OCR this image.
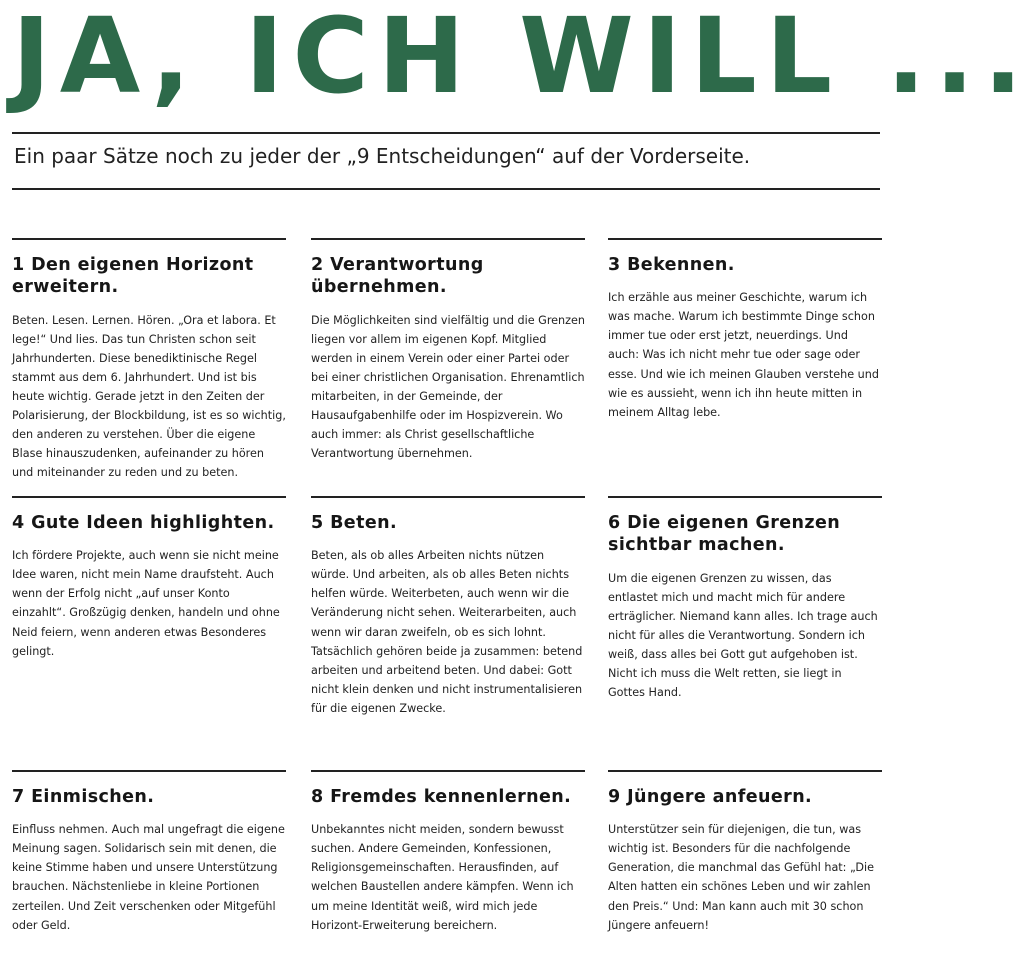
JA, ICH WILL ...
Ein paar Sätze noch zu jeder der „9 Entscheidungen“ auf der Vorderseite.
1 Den eigenen Horizont erweitern.

Beten. Lesen. Lernen. Hören. „Ora et labora. Et lege!“ Und lies. Das tun Christen schon seit Jahrhunderten. Diese benediktinische Regel stammt aus dem 6. Jahrhundert. Und ist bis heute wichtig. Gerade jetzt in den Zeiten der Polarisierung, der Blockbildung, ist es so wichtig, den anderen zu verstehen. Über die eigene Blase hinauszudenken, aufeinander zu hören und miteinander zu reden und zu beten.

2 Verantwortung übernehmen.

Die Möglichkeiten sind vielfältig und die Grenzen liegen vor allem im eigenen Kopf. Mitglied werden in einem Verein oder einer Partei oder bei einer christlichen Organisation. Ehrenamtlich mitarbeiten, in der Gemeinde, der Hausaufgabenhilfe oder im Hospizverein. Wo auch immer: als Christ gesellschaftliche Verantwortung übernehmen.

3 Bekennen.

Ich erzähle aus meiner Geschichte, warum ich was mache. Warum ich bestimmte Dinge schon immer tue oder erst jetzt, neuerdings. Und auch: Was ich nicht mehr tue oder sage oder esse. Und wie ich meinen Glauben verstehe und wie es aussieht, wenn ich ihn heute mitten in meinem Alltag lebe.

4 Gute Ideen highlighten.

Ich fördere Projekte, auch wenn sie nicht meine Idee waren, nicht mein Name draufsteht. Auch wenn der Erfolg nicht „auf unser Konto einzahlt“. Großzügig denken, handeln und ohne Neid feiern, wenn anderen etwas Besonderes gelingt.

5 Beten.

Beten, als ob alles Arbeiten nichts nützen würde. Und arbeiten, als ob alles Beten nichts helfen würde. Weiterbeten, auch wenn wir die Veränderung nicht sehen. Weiterarbeiten, auch wenn wir daran zweifeln, ob es sich lohnt. Tatsächlich gehören beide ja zusammen: betend arbeiten und arbeitend beten. Und dabei: Gott nicht klein denken und nicht instrumentalisieren für die eigenen Zwecke.

6 Die eigenen Grenzen sichtbar machen.

Um die eigenen Grenzen zu wissen, das entlastet mich und macht mich für andere erträglicher. Niemand kann alles. Ich trage auch nicht für alles die Verantwortung. Sondern ich weiß, dass alles bei Gott gut aufgehoben ist. Nicht ich muss die Welt retten, sie liegt in Gottes Hand.

7 Einmischen.

Einfluss nehmen. Auch mal ungefragt die eigene Meinung sagen. Solidarisch sein mit denen, die keine Stimme haben und unsere Unterstützung brauchen. Nächstenliebe in kleine Portionen zerteilen. Und Zeit verschenken oder Mitgefühl oder Geld.

8 Fremdes kennenlernen.

Unbekanntes nicht meiden, sondern bewusst suchen. Andere Gemeinden, Konfessionen, Religionsgemeinschaften. Herausfinden, auf welchen Baustellen andere kämpfen. Wenn ich um meine Identität weiß, wird mich jede Horizont-Erweiterung bereichern.

9 Jüngere anfeuern.

Unterstützer sein für diejenigen, die tun, was wichtig ist. Besonders für die nachfolgende Generation, die manchmal das Gefühl hat: „Die Alten hatten ein schönes Leben und wir zahlen den Preis.“ Und: Man kann auch mit 30 schon Jüngere anfeuern!
